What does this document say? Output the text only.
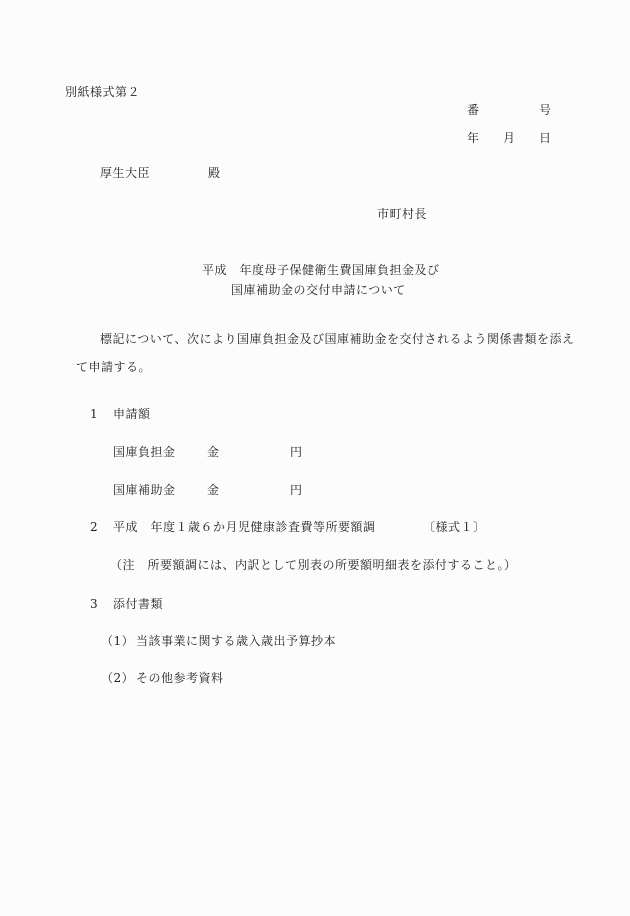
別紙様式第２
番	号
年 月 日
厚生大臣	殿
市町村長
平成　年度母子保健衛生費国庫負担金及び
国庫補助金の交付申請について
標記について、次により国庫負担金及び国庫補助金を交付されるよう関係書類を添え
て申請する。
1 申請額
国庫負担金	金	円
国庫補助金	金	円
2 平成　年度１歳６か月児健康診査費等所要額調	〔様式１〕
（注　所要額調には、内訳として別表の所要額明細表を添付すること。）
3 添付書類
（1） 当該事業に関する歳入歳出予算抄本
（2） その他参考資料
